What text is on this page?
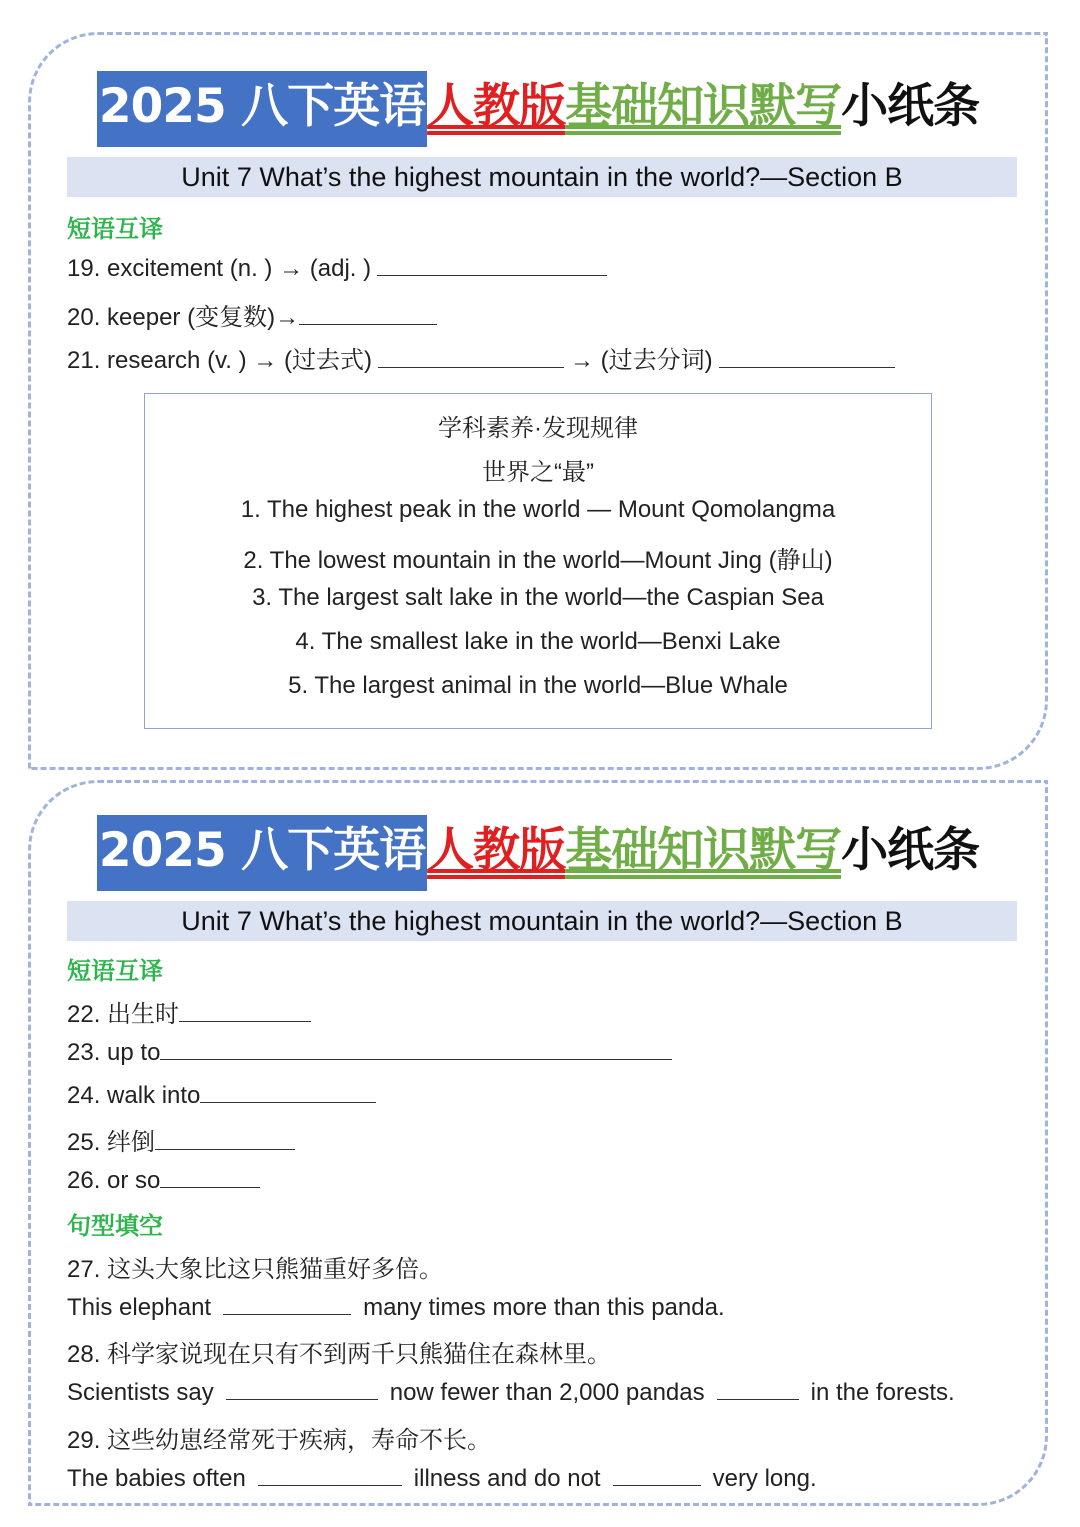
2025 八下英语人教版基础知识默写小纸条
Unit 7 What’s the highest mountain in the world?—Section B
短语互译
19. excitement (n. ) → (adj. )
20. keeper (变复数)→
21. research (v. ) → (过去式)	→ (过去分词)
学科素养·发现规律
世界之“最”
1. The highest peak in the world — Mount Qomolangma
2. The lowest mountain in the world—Mount Jing (静山)
3. The largest salt lake in the world—the Caspian Sea
4. The smallest lake in the world—Benxi Lake
5. The largest animal in the world—Blue Whale
2025 八下英语人教版基础知识默写小纸条
Unit 7 What’s the highest mountain in the world?—Section B
短语互译
22. 出生时
23. up to
24. walk into
25. 绊倒
26. or so
句型填空
27. 这头大象比这只熊猫重好多倍。
This elephant	many times more than this panda.
28. 科学家说现在只有不到两千只熊猫住在森林里。
Scientists say	now fewer than 2,000 pandas	in the forests.
29. 这些幼崽经常死于疾病，寿命不长。
The babies often	illness and do not	very long.
